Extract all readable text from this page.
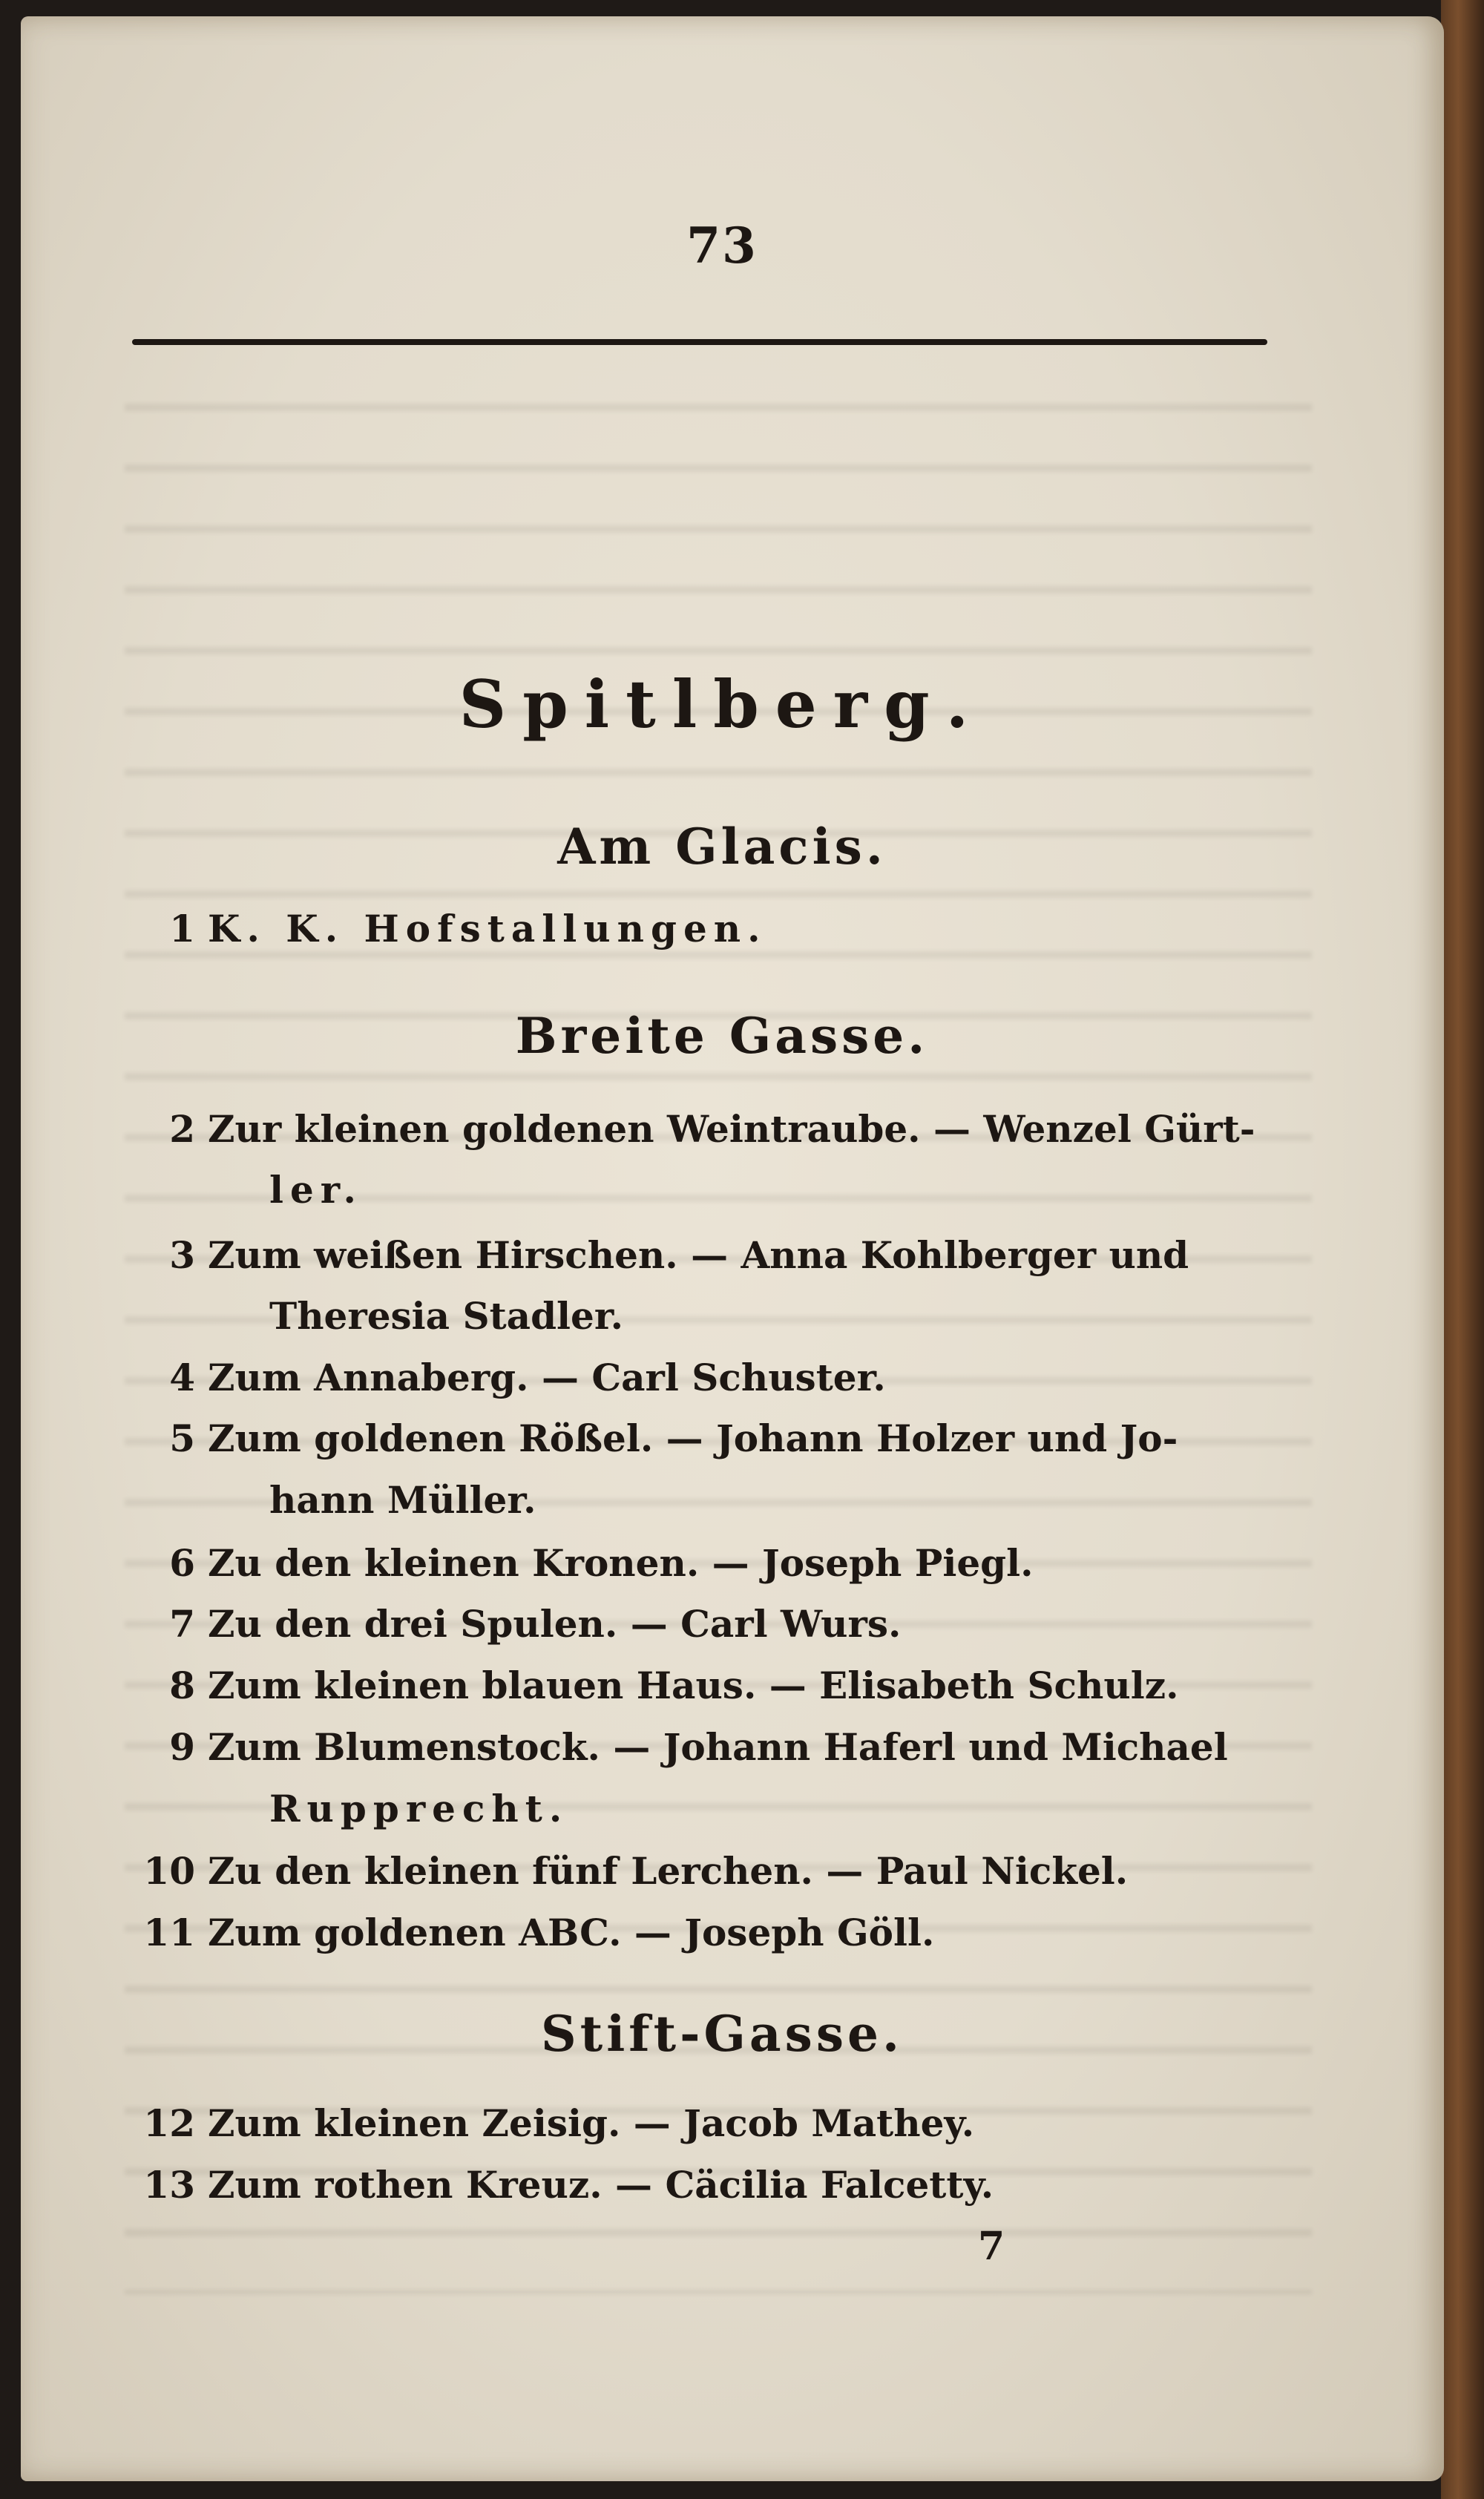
73
Spitlberg.
Am Glacis.
1 K. K. Hofstallungen.
Breite Gasse.
2 Zur kleinen goldenen Weintraube. — Wenzel Gürt-
ler.
3 Zum weißen Hirschen. — Anna Kohlberger und
Theresia Stadler.
4 Zum Annaberg. — Carl Schuster.
5 Zum goldenen Rößel. — Johann Holzer und Jo-
hann Müller.
6 Zu den kleinen Kronen. — Joseph Piegl.
7 Zu den drei Spulen. — Carl Wurs.
8 Zum kleinen blauen Haus. — Elisabeth Schulz.
9 Zum Blumenstock. — Johann Haferl und Michael
Rupprecht.
10 Zu den kleinen fünf Lerchen. — Paul Nickel.
11 Zum goldenen ABC. — Joseph Göll.
Stift-Gasse.
12 Zum kleinen Zeisig. — Jacob Mathey.
13 Zum rothen Kreuz. — Cäcilia Falcetty.
7
